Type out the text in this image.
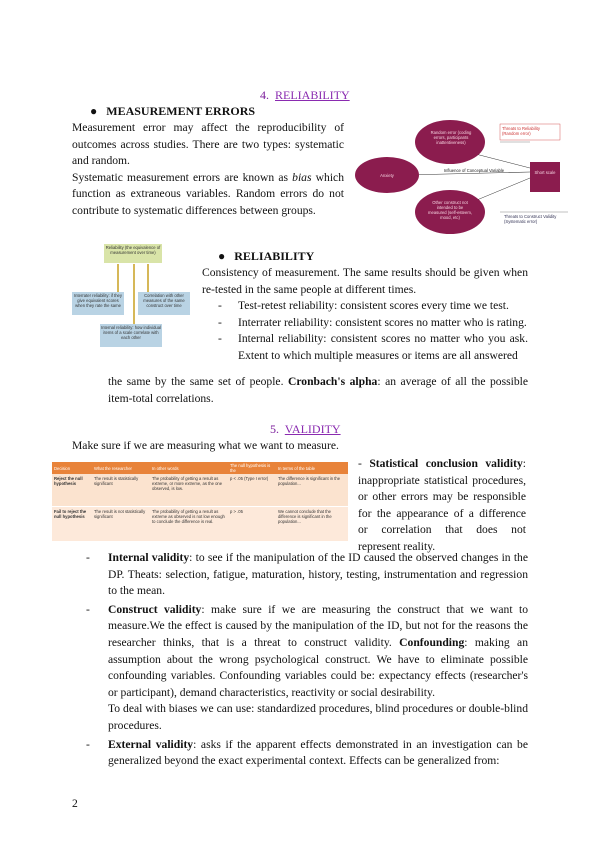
4. RELIABILITY
● MEASUREMENT ERRORS
Measurement error may affect the reproducibility of outcomes across studies. There are two types: systematic and random.
Systematic measurement errors are known as bias which function as extraneous variables. Random errors do not contribute to systematic differences between groups.
Random error (coding errors, participants inattentiveness)
Anxiety
Influence of Conceptual Variable	Short scale
Other construct not intended to be measured (self-esteem, mood, etc)
Threats to Reliability (Random error)
Threats to Construct Validity (Systematic error)
Reliability (the equivalence of measurement over time)
Interrater reliability: if they give equivalent scores when they rate the same
Correlation with other measures of the same construct over time
Internal reliability: how individual items of a scale correlate with each other
● RELIABILITY
Consistency of measurement. The same results should be given when re-tested in the same people at different times.
- Test-retest reliability: consistent scores every time we test.
- Interrater reliability: consistent scores no matter who is rating.
- Internal reliability: consistent scores no matter who you ask. Extent to which multiple measures or items are all answered
the same by the same set of people. Cronbach's alpha: an average of all the possible item-total correlations.
5. VALIDITY
Make sure if we are measuring what we want to measure.
Decision	What the researcher	In other words	The null hypothesis is the	In terms of the table
Reject the null hypothesis	The result is statistically significant	The probability of getting a result as extreme, or more extreme, as the one observed, is low.	p < .05 (Type I error)	The difference is significant in the population...
Fail to reject the null hypothesis	The result is not statistically significant	The probability of getting a result as extreme as observed is not low enough to conclude the difference is real.	p > .05	We cannot conclude that the difference is significant in the population...
- Statistical conclusion validity: inappropriate statistical procedures, or other errors may be responsible for the appearance of a difference or correlation that does not represent reality.
- Internal validity: to see if the manipulation of the ID caused the observed changes in the DP. Theats: selection, fatigue, maturation, history, testing, instrumentation and regression to the mean.
- Construct validity: make sure if we are measuring the construct that we want to measure.We the effect is caused by the manipulation of the ID, but not for the reasons the researcher thinks, that is a threat to construct validity. Confounding: making an assumption about the wrong psychological construct. We have to eliminate possible confounding variables. Confounding variables could be: expectancy effects (researcher's or participant), demand characteristics, reactivity or social desirability.
To deal with biases we can use: standardized procedures, blind procedures or double-blind procedures.
- External validity: asks if the apparent effects demonstrated in an investigation can be generalized beyond the exact experimental context. Effects can be generalized from:
2
